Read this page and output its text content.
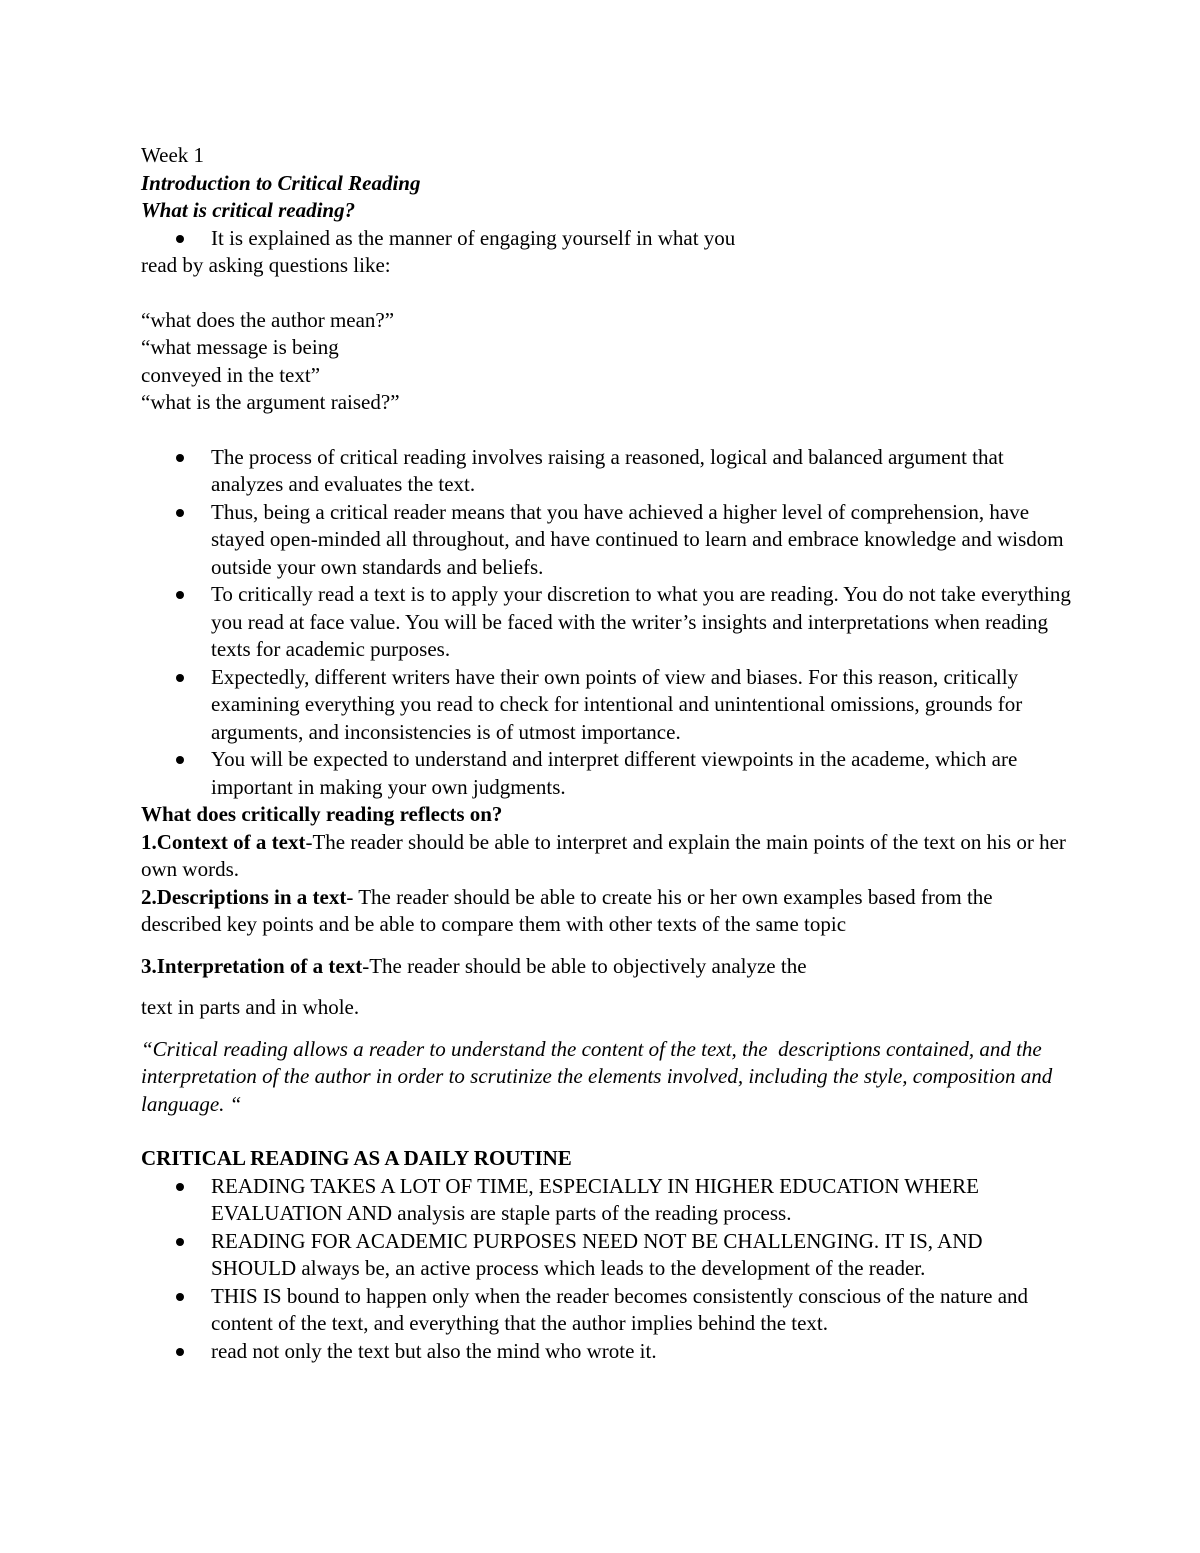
Week 1

Introduction to Critical Reading

What is critical reading?

It is explained as the manner of engaging yourself in what you

read by asking questions like:

“what does the author mean?”

“what message is being

conveyed in the text”

“what is the argument raised?”

The process of critical reading involves raising a reasoned, logical and balanced argument that analyzes and evaluates the text.
Thus, being a critical reader means that you have achieved a higher level of comprehension, have stayed open-minded all throughout, and have continued to learn and embrace knowledge and wisdom outside your own standards and beliefs.
To critically read a text is to apply your discretion to what you are reading. You do not take everything you read at face value. You will be faced with the writer’s insights and interpretations when reading texts for academic purposes.
Expectedly, different writers have their own points of view and biases. For this reason, critically examining everything you read to check for intentional and unintentional omissions, grounds for arguments, and inconsistencies is of utmost importance.
You will be expected to understand and interpret different viewpoints in the academe, which are important in making your own judgments.

What does critically reading reflects on?

1.Context of a text-The reader should be able to interpret and explain the main points of the text on his or her own words.

2.Descriptions in a text- The reader should be able to create his or her own examples based from the described key points and be able to compare them with other texts of the same topic

3.Interpretation of a text-The reader should be able to objectively analyze the

text in parts and in whole.

“Critical reading allows a reader to understand the content of the text, the  descriptions contained, and the interpretation of the author in order to scrutinize the elements involved, including the style, composition and language. “

CRITICAL READING AS A DAILY ROUTINE

READING TAKES A LOT OF TIME, ESPECIALLY IN HIGHER EDUCATION WHERE EVALUATION AND analysis are staple parts of the reading process.
READING FOR ACADEMIC PURPOSES NEED NOT BE CHALLENGING. IT IS, AND SHOULD always be, an active process which leads to the development of the reader.
THIS IS bound to happen only when the reader becomes consistently conscious of the nature and content of the text, and everything that the author implies behind the text.
read not only the text but also the mind who wrote it.
